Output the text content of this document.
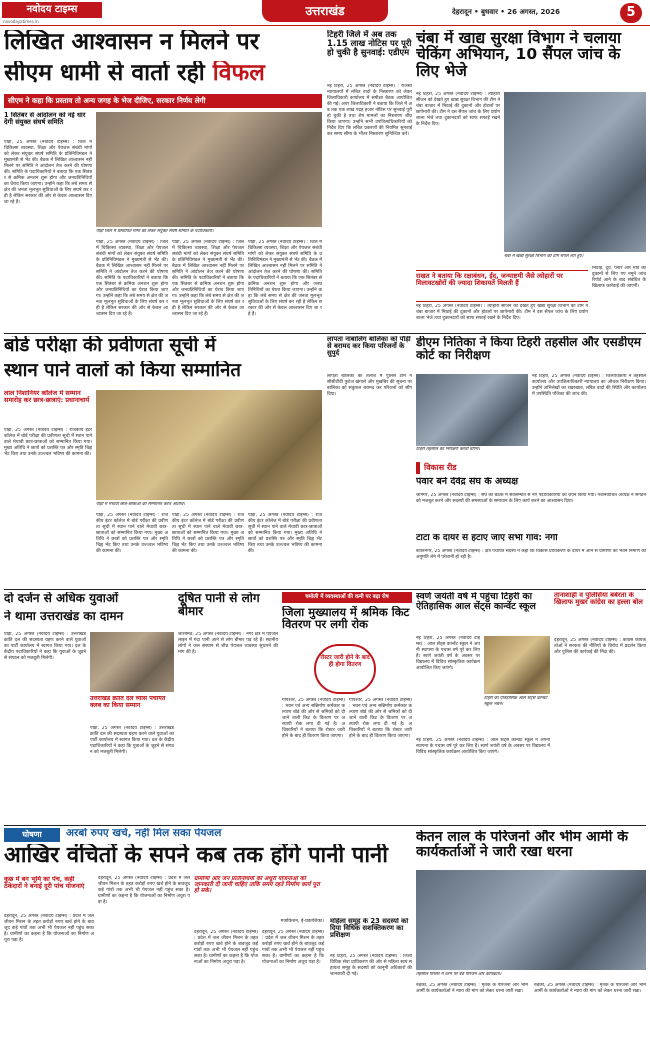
नवोदय टाइम्स
navodayatimes.in
उत्तराखंड	देहरादून • बुधवार • 26 अगस्त, 2026	5
लिखित आश्वासन न मिलने पर
सीएम धामी से वार्ता रही विफल
सीएम ने कहा कि प्रस्ताव तो अन्य जगह के भेज दीजिए, सरकार निर्णय लेगी
1 सितंबर से आंदोलन को नई धार देगी संयुक्त संघर्ष समिति
पौड़ी, 25 अगस्त (नवोदय टाइम्स) : जिले में चिकित्सा व्यवस्था, शिक्षा और पेयजल संबंधी मांगों को लेकर संयुक्त संघर्ष समिति के प्रतिनिधिमंडल ने मुख्यमंत्री से भेंट की। बैठक में लिखित आश्वासन नहीं मिलने पर समिति ने आंदोलन तेज करने की घोषणा की। समिति के पदाधिकारियों ने बताया कि एक सितंबर से क्रमिक अनशन शुरू होगा और जनप्रतिनिधियों का घेराव किया जाएगा। उन्होंने कहा कि लंबे समय से क्षेत्र की जनता मूलभूत सुविधाओं के लिए संघर्ष कर रही है लेकिन सरकार की ओर से केवल आश्वासन दिए जा रहे हैं।
पौड़ी जिले में प्रस्तावित मांगों को लेकर संयुक्त संघर्ष समिति के पदाधिकारी।
पौड़ी, 25 अगस्त (नवोदय टाइम्स) : जिले में चिकित्सा व्यवस्था, शिक्षा और पेयजल संबंधी मांगों को लेकर संयुक्त संघर्ष समिति के प्रतिनिधिमंडल ने मुख्यमंत्री से भेंट की। बैठक में लिखित आश्वासन नहीं मिलने पर समिति ने आंदोलन तेज करने की घोषणा की। समिति के पदाधिकारियों ने बताया कि एक सितंबर से क्रमिक अनशन शुरू होगा और जनप्रतिनिधियों का घेराव किया जाएगा। उन्होंने कहा कि लंबे समय से क्षेत्र की जनता मूलभूत सुविधाओं के लिए संघर्ष कर रही है लेकिन सरकार की ओर से केवल आश्वासन दिए जा रहे हैं।
पौड़ी, 25 अगस्त (नवोदय टाइम्स) : जिले में चिकित्सा व्यवस्था, शिक्षा और पेयजल संबंधी मांगों को लेकर संयुक्त संघर्ष समिति के प्रतिनिधिमंडल ने मुख्यमंत्री से भेंट की। बैठक में लिखित आश्वासन नहीं मिलने पर समिति ने आंदोलन तेज करने की घोषणा की। समिति के पदाधिकारियों ने बताया कि एक सितंबर से क्रमिक अनशन शुरू होगा और जनप्रतिनिधियों का घेराव किया जाएगा। उन्होंने कहा कि लंबे समय से क्षेत्र की जनता मूलभूत सुविधाओं के लिए संघर्ष कर रही है लेकिन सरकार की ओर से केवल आश्वासन दिए जा रहे हैं।
पौड़ी, 25 अगस्त (नवोदय टाइम्स) : जिले में चिकित्सा व्यवस्था, शिक्षा और पेयजल संबंधी मांगों को लेकर संयुक्त संघर्ष समिति के प्रतिनिधिमंडल ने मुख्यमंत्री से भेंट की। बैठक में लिखित आश्वासन नहीं मिलने पर समिति ने आंदोलन तेज करने की घोषणा की। समिति के पदाधिकारियों ने बताया कि एक सितंबर से क्रमिक अनशन शुरू होगा और जनप्रतिनिधियों का घेराव किया जाएगा। उन्होंने कहा कि लंबे समय से क्षेत्र की जनता मूलभूत सुविधाओं के लिए संघर्ष कर रही है लेकिन सरकार की ओर से केवल आश्वासन दिए जा रहे हैं।
टिहरी जिले में अब तक 1.15 लाख नोटिस पर पूरी हो चुकी है सुनवाई: एडीएम
नई टिहरी, 25 अगस्त (नवोदय टाइम्स) : राजस्व न्यायालयों में लंबित वादों के निस्तारण को लेकर जिलाधिकारी कार्यालय में समीक्षा बैठक आयोजित की गई। अपर जिलाधिकारी ने बताया कि जिले में अब तक एक लाख पंद्रह हजार नोटिस पर सुनवाई पूरी हो चुकी है तथा शेष मामलों का निस्तारण शीघ्र किया जाएगा। उन्होंने सभी उपजिलाधिकारियों को निर्देश दिए कि लंबित प्रकरणों की नियमित सुनवाई कर समय सीमा के भीतर निस्तारण सुनिश्चित करें।
चंबा में खाद्य सुरक्षा विभाग ने चलाया चेकिंग अभियान, 10 सैंपल जांच के लिए भेजे
नई टिहरी, 25 अगस्त (नवोदय टाइम्स) : त्योहारी सीजन को देखते हुए खाद्य सुरक्षा विभाग की टीम ने चंबा बाजार में मिठाई की दुकानों और होटलों पर छापेमारी की। टीम ने दस सैंपल जांच के लिए प्रयोगशाला भेजे तथा दुकानदारों को साफ सफाई रखने के निर्देश दिए।
चंबा में खाद्य सुरक्षा विभाग की टीम सैंपल लेते हुए।
राखत ने बताया कि रक्षाबंधन, ईद, जन्माष्टमी जैसे त्योहारों पर मिलावटखोरों की ज्यादा शिकायतें मिलती हैं
नई टिहरी, 25 अगस्त (नवोदय टाइम्स) : त्योहारी सीजन को देखते हुए खाद्य सुरक्षा विभाग की टीम ने चंबा बाजार में मिठाई की दुकानों और होटलों पर छापेमारी की। टीम ने दस सैंपल जांच के लिए प्रयोगशाला भेजे तथा दुकानदारों को साफ सफाई रखने के निर्देश दिए।
मिठाई, दूध, पनीर और मावे की दुकानों से लिए गए नमूने जांच रिपोर्ट आने के बाद संबंधित के खिलाफ कार्रवाई की जाएगी।
बोर्ड परीक्षा की प्रवीणता सूची में
स्थान पाने वालों को किया सम्मानित
लाल निशानियर कॉलेज में सम्मान समारोह कर छात्र-छात्राएं: प्रधानाचार्य
पौड़ी, 25 अगस्त (नवोदय टाइम्स) : राजकीय इंटर कॉलेज में बोर्ड परीक्षा की प्रवीणता सूची में स्थान पाने वाले मेधावी छात्र-छात्राओं को सम्मानित किया गया। मुख्य अतिथि ने छात्रों को प्रशस्ति पत्र और स्मृति चिह्न भेंट किए तथा उनके उज्ज्वल भविष्य की कामना की।
पौड़ी में मेधावी छात्र-छात्राओं को सम्मानित करते अतिथि।
पौड़ी, 25 अगस्त (नवोदय टाइम्स) : राजकीय इंटर कॉलेज में बोर्ड परीक्षा की प्रवीणता सूची में स्थान पाने वाले मेधावी छात्र-छात्राओं को सम्मानित किया गया। मुख्य अतिथि ने छात्रों को प्रशस्ति पत्र और स्मृति चिह्न भेंट किए तथा उनके उज्ज्वल भविष्य की कामना की।
पौड़ी, 25 अगस्त (नवोदय टाइम्स) : राजकीय इंटर कॉलेज में बोर्ड परीक्षा की प्रवीणता सूची में स्थान पाने वाले मेधावी छात्र-छात्राओं को सम्मानित किया गया। मुख्य अतिथि ने छात्रों को प्रशस्ति पत्र और स्मृति चिह्न भेंट किए तथा उनके उज्ज्वल भविष्य की कामना की।
पौड़ी, 25 अगस्त (नवोदय टाइम्स) : राजकीय इंटर कॉलेज में बोर्ड परीक्षा की प्रवीणता सूची में स्थान पाने वाले मेधावी छात्र-छात्राओं को सम्मानित किया गया। मुख्य अतिथि ने छात्रों को प्रशस्ति पत्र और स्मृति चिह्न भेंट किए तथा उनके उज्ज्वल भविष्य की कामना की।
लापता नाबालिग बालिका को पौड़ी से बरामद कर किया परिजनों के सुपुर्द
लापता बालिका की तलाश में पुलिस टीम ने सीसीटीवी फुटेज खंगाले और मुखबिर की सूचना पर बालिका को सकुशल बरामद कर परिजनों को सौंप दिया।
डीएम नितिका ने किया टिहरी तहसील और एसडीएम कोर्ट का निरीक्षण
टिहरी तहसील का निरीक्षण करतीं डीएम।
नई टिहरी, 25 अगस्त (नवोदय टाइम्स) : जिलाधिकारी ने तहसील कार्यालय और उपजिलाधिकारी न्यायालय का औचक निरीक्षण किया। उन्होंने अभिलेखों का रखरखाव, लंबित वादों की स्थिति और कार्यालय में उपस्थिति पंजिका की जांच की।
विकास रीड
पंवार बने देवेंद्र संघ के अध्यक्ष
श्रीनगर, 25 अगस्त (नवोदय टाइम्स) : संघ की बैठक में सर्वसम्मति से नए पदाधिकारियों का चयन किया गया। नवनिर्वाचित अध्यक्ष ने संगठन को मजबूत करने और सदस्यों की समस्याओं के समाधान के लिए कार्य करने का आश्वासन दिया।
टाटा के दायरे से हटाए जाएं सभी गांव: नेगी
कीर्तिनगर, 25 अगस्त (नवोदय टाइम्स) : क्षेत्र पंचायत सदस्य ने कहा कि विकास प्राधिकरण के दायरे में आने से ग्रामीणों को भवन निर्माण की अनुमति लेने में परेशानी हो रही है।
दो दर्जन से अधिक युवाओं
ने थामा उत्तराखंड का दामन
पौड़ी, 25 अगस्त (नवोदय टाइम्स) : उत्तराखंड क्रांति दल की सदस्यता ग्रहण करने वाले युवाओं का पार्टी कार्यालय में स्वागत किया गया। दल के केंद्रीय पदाधिकारियों ने कहा कि युवाओं के जुड़ने से संगठन को मजबूती मिलेगी।
उत्तराखंड क्रांति दल व्यास पंचायत क्लब का किया सम्मान
पौड़ी, 25 अगस्त (नवोदय टाइम्स) : उत्तराखंड क्रांति दल की सदस्यता ग्रहण करने वाले युवाओं का पार्टी कार्यालय में स्वागत किया गया। दल के केंद्रीय पदाधिकारियों ने कहा कि युवाओं के जुड़ने से संगठन को मजबूती मिलेगी।
दूषित पानी से लोग बीमार
जोशीमठ, 25 अगस्त (नवोदय टाइम्स) : नगर क्षेत्र में पेयजल लाइन में गंदा पानी आने से लोग बीमार पड़ रहे हैं। स्थानीय लोगों ने जल संस्थान से शीघ्र पेयजल व्यवस्था सुधारने की मांग की है।
चमोली में व्यवस्थाओं की कमी पर बढ़ा रोष
जिला मुख्यालय में श्रमिक किट वितरण पर लगी रोक
रोस्टर जारी होने के बाद ही होगा वितरण
गोपेश्वर, 25 अगस्त (नवोदय टाइम्स) : भवन एवं अन्य सन्निर्माण कर्मकार कल्याण बोर्ड की ओर से श्रमिकों को दी जाने वाली किट के वितरण पर अस्थायी रोक लगा दी गई है। अधिकारियों ने बताया कि रोस्टर जारी होने के बाद ही वितरण किया जाएगा।
गोपेश्वर, 25 अगस्त (नवोदय टाइम्स) : भवन एवं अन्य सन्निर्माण कर्मकार कल्याण बोर्ड की ओर से श्रमिकों को दी जाने वाली किट के वितरण पर अस्थायी रोक लगा दी गई है। अधिकारियों ने बताया कि रोस्टर जारी होने के बाद ही वितरण किया जाएगा।
स्वर्ण जयंती वर्ष में पहुंचा टिहरी का ऐतिहासिक आल सेंट्स कान्वेंट स्कूल
नई टिहरी, 25 अगस्त (नवोदय टाइम्स) : आल सेंट्स कान्वेंट स्कूल ने अपनी स्थापना के पचास वर्ष पूरे कर लिए हैं। स्वर्ण जयंती वर्ष के अवसर पर विद्यालय में विविध सांस्कृतिक कार्यक्रम आयोजित किए जाएंगे।
टिहरी का ऐतिहासिक आल सेंट्स कान्वेंट स्कूल भवन।
नई टिहरी, 25 अगस्त (नवोदय टाइम्स) : आल सेंट्स कान्वेंट स्कूल ने अपनी स्थापना के पचास वर्ष पूरे कर लिए हैं। स्वर्ण जयंती वर्ष के अवसर पर विद्यालय में विविध सांस्कृतिक कार्यक्रम आयोजित किए जाएंगे।
तानाशाही व पुलिसिया बर्बरता के खिलाफ मुखर कांग्रेस का हल्ला बोल
देहरादून, 25 अगस्त (नवोदय टाइम्स) : कांग्रेस कार्यकर्ताओं ने सरकार की नीतियों के विरोध में प्रदर्शन किया और पुलिस की कार्रवाई की निंदा की।
घोषणा	अरबों रुपए खर्च, नहीं मिल सका पेयजल
आखिर वंचितों के सपने कब तक होंगे पानी पानी
कुछ में बन भूमि का पेंच, कहीं ठेकेदारों ने बनाई दूरी पांच योजनाएं
देहरादून, 25 अगस्त (नवोदय टाइम्स) : प्रदेश में जल जीवन मिशन के तहत करोड़ों रुपए खर्च होने के बावजूद कई गांवों तक अभी भी पेयजल नहीं पहुंच सका है। ग्रामीणों का कहना है कि योजनाओं का निर्माण अधूरा पड़ा है।
देहरादून, 25 अगस्त (नवोदय टाइम्स) : प्रदेश में जल जीवन मिशन के तहत करोड़ों रुपए खर्च होने के बावजूद कई गांवों तक अभी भी पेयजल नहीं पहुंच सका है। ग्रामीणों का कहना है कि योजनाओं का निर्माण अधूरा पड़ा है।
ग्रामीणों और जन प्रतिनिधियों को अधूरी योजनाओं की जानकारी दी जानी चाहिए ताकि समय रहते निर्माण कार्य पूरा हो सके।
मजकिशन, ई-प्रकाशिका।
देहरादून, 25 अगस्त (नवोदय टाइम्स) : प्रदेश में जल जीवन मिशन के तहत करोड़ों रुपए खर्च होने के बावजूद कई गांवों तक अभी भी पेयजल नहीं पहुंच सका है। ग्रामीणों का कहना है कि योजनाओं का निर्माण अधूरा पड़ा है।
देहरादून, 25 अगस्त (नवोदय टाइम्स) : प्रदेश में जल जीवन मिशन के तहत करोड़ों रुपए खर्च होने के बावजूद कई गांवों तक अभी भी पेयजल नहीं पहुंच सका है। ग्रामीणों का कहना है कि योजनाओं का निर्माण अधूरा पड़ा है।
महिला समूह के 23 सदस्यों को दिया विधिक सशक्तिकरण का प्रशिक्षण
नई टिहरी, 25 अगस्त (नवोदय टाइम्स) : जिला विधिक सेवा प्राधिकरण की ओर से महिला स्वयं सहायता समूह के सदस्यों को कानूनी अधिकारों की जानकारी दी गई।
केतन लाल के परिजनों और भीम आर्मी के कार्यकर्ताओं ने जारी रखा धरना
तहसील परिसर में धरने पर बैठे परिजन और कार्यकर्ता।
रुड़की, 25 अगस्त (नवोदय टाइम्स) : मृतक के परिजनों और भीम आर्मी के कार्यकर्ताओं ने न्याय की मांग को लेकर धरना जारी रखा।
रुड़की, 25 अगस्त (नवोदय टाइम्स) : मृतक के परिजनों और भीम आर्मी के कार्यकर्ताओं ने न्याय की मांग को लेकर धरना जारी रखा।
